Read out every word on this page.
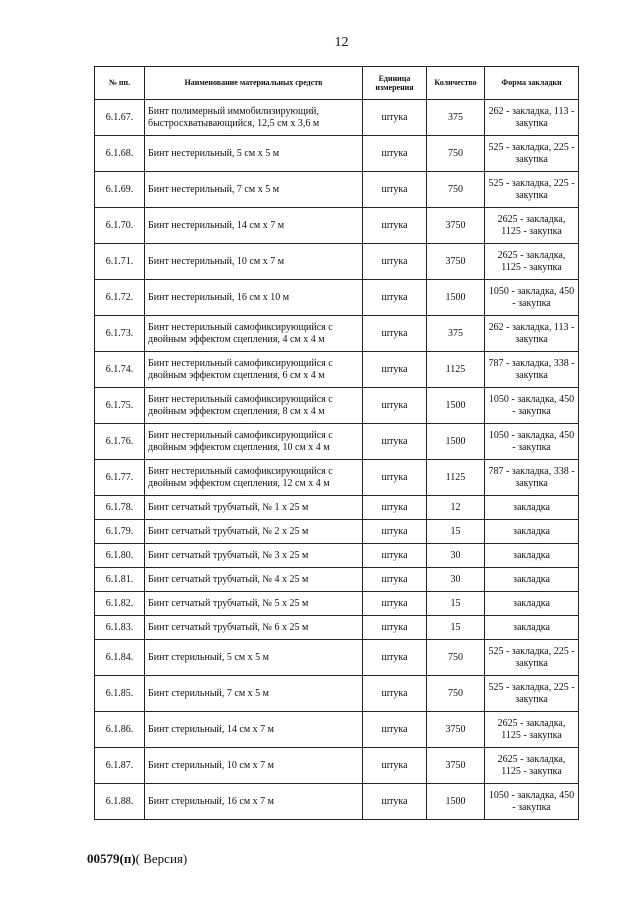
12
№ пп.	Наименование материальных средств	Единица измерения	Количество	Форма закладки
6.1.67.	Бинт полимерный иммобилизирующий, быстросхватывающийся, 12,5 см х 3,6 м	штука	375	262 - закладка, 113 - закупка
6.1.68.	Бинт нестерильный, 5 см х 5 м	штука	750	525 - закладка, 225 - закупка
6.1.69.	Бинт нестерильный, 7 см х 5 м	штука	750	525 - закладка, 225 - закупка
6.1.70.	Бинт нестерильный, 14 см х 7 м	штука	3750	2625 - закладка, 1125 - закупка
6.1.71.	Бинт нестерильный, 10 см х 7 м	штука	3750	2625 - закладка, 1125 - закупка
6.1.72.	Бинт нестерильный, 16 см х 10 м	штука	1500	1050 - закладка, 450 - закупка
6.1.73.	Бинт нестерильный самофиксирующийся с двойным эффектом сцепления, 4 см х 4 м	штука	375	262 - закладка, 113 - закупка
6.1.74.	Бинт нестерильный самофиксирующийся с двойным эффектом сцепления, 6 см х 4 м	штука	1125	787 - закладка, 338 - закупка
6.1.75.	Бинт нестерильный самофиксирующийся с двойным эффектом сцепления, 8 см х 4 м	штука	1500	1050 - закладка, 450 - закупка
6.1.76.	Бинт нестерильный самофиксирующийся с двойным эффектом сцепления, 10 см х 4 м	штука	1500	1050 - закладка, 450 - закупка
6.1.77.	Бинт нестерильный самофиксирующийся с двойным эффектом сцепления, 12 см х 4 м	штука	1125	787 - закладка, 338 - закупка
6.1.78.	Бинт сетчатый трубчатый, № 1 х 25 м	штука	12	закладка
6.1.79.	Бинт сетчатый трубчатый, № 2 х 25 м	штука	15	закладка
6.1.80.	Бинт сетчатый трубчатый, № 3 х 25 м	штука	30	закладка
6.1.81.	Бинт сетчатый трубчатый, № 4 х 25 м	штука	30	закладка
6.1.82.	Бинт сетчатый трубчатый, № 5 х 25 м	штука	15	закладка
6.1.83.	Бинт сетчатый трубчатый, № 6 х 25 м	штука	15	закладка
6.1.84.	Бинт стерильный, 5 см х 5 м	штука	750	525 - закладка, 225 - закупка
6.1.85.	Бинт стерильный, 7 см х 5 м	штука	750	525 - закладка, 225 - закупка
6.1.86.	Бинт стерильный, 14 см х 7 м	штука	3750	2625 - закладка, 1125 - закупка
6.1.87.	Бинт стерильный, 10 см х 7 м	штука	3750	2625 - закладка, 1125 - закупка
6.1.88.	Бинт стерильный, 16 см х 7 м	штука	1500	1050 - закладка, 450 - закупка
00579(п)( Версия)
